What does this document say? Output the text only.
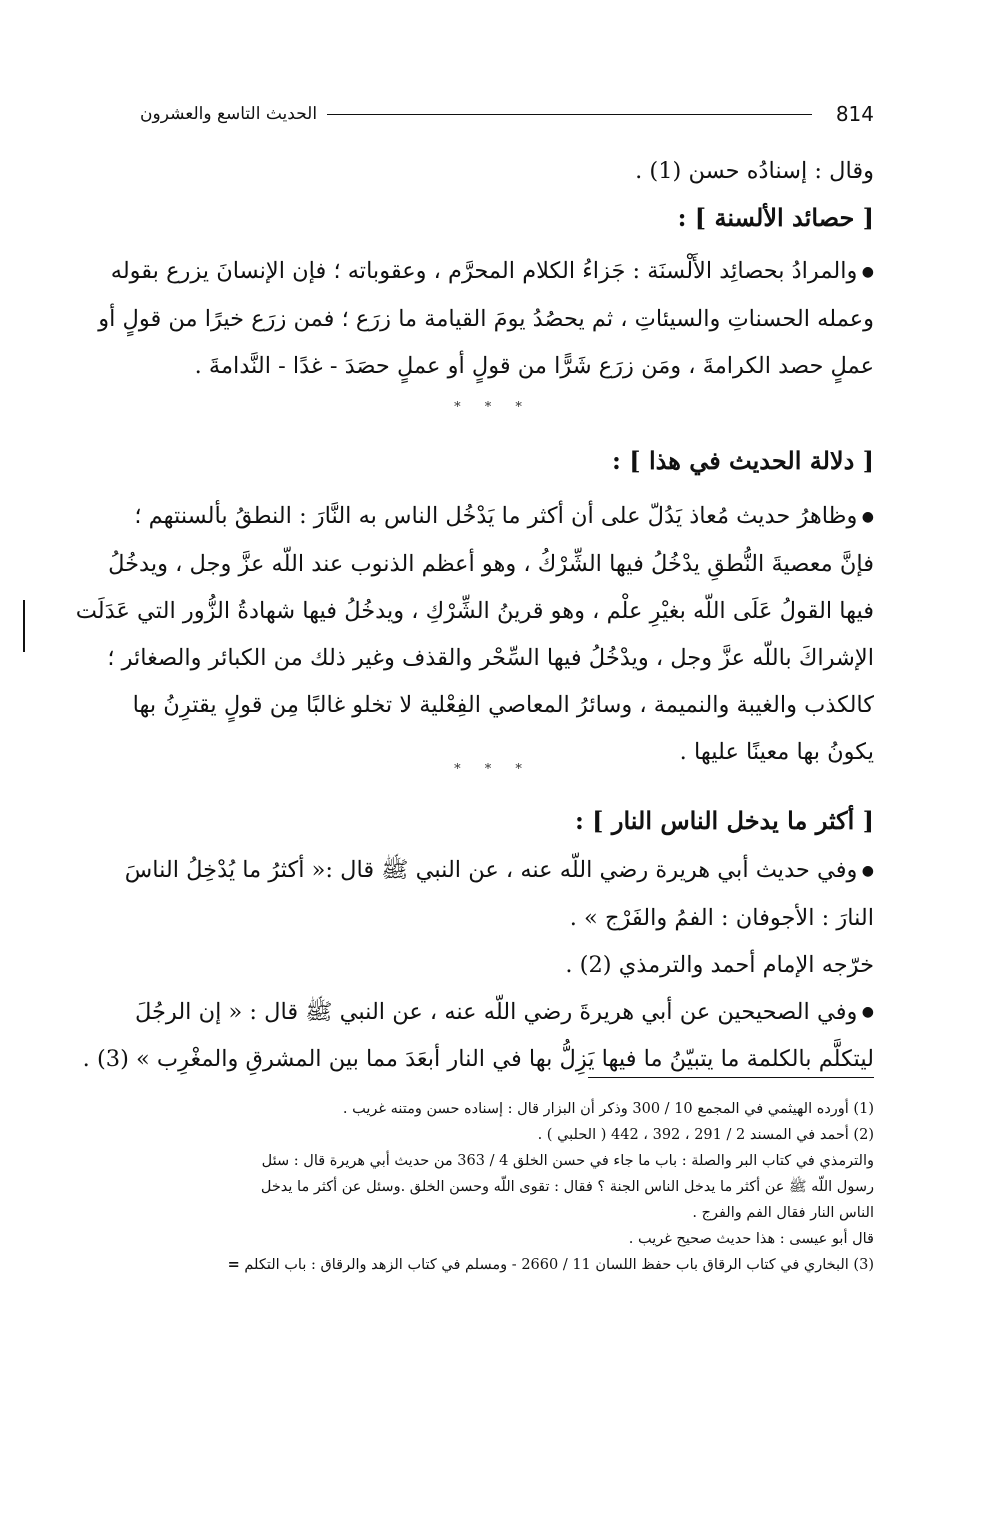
814
الحديث التاسع والعشرون
وقال : إسنادُه حسن (1) .
[ حصائد الألسنة ] :
● والمرادُ بحصائِد الأَلْسنَة : جَزاءُ الكلام المحرَّم ، وعقوباته ؛ فإن الإنسانَ يزرع بقوله
وعمله الحسناتِ والسيئاتِ ، ثم يحصُدُ يومَ القيامة ما زرَع ؛ فمن زرَع خيرًا من قولٍ أو
عملٍ حصد الكرامةَ ، ومَن زرَع شَرًّا من قولٍ أو عملٍ حصَدَ - غدًا - النَّدامةَ .
* * *
[ دلالة الحديث في هذا ] :
● وظاهرُ حديث مُعاذ يَدُلّ على أن أكثر ما يَدْخُل الناس به النَّارَ : النطقُ بألسنتهم ؛
فإنَّ معصيةَ النُّطقِ يدْخُلُ فيها الشِّرْكُ ، وهو أعظم الذنوب عند اللّه عزَّ وجل ، ويدخُلُ
فيها القولُ عَلَى اللّه بغيْرِ علْم ، وهو قرينُ الشِّرْكِ ، ويدخُلُ فيها شهادةُ الزُّور التي عَدَلَت
الإشراكَ باللّه عزَّ وجل ، ويدْخُلُ فيها السِّحْر والقذف وغير ذلك من الكبائر والصغائر ؛
كالكذب والغيبة والنميمة ، وسائرُ المعاصي الفِعْلية لا تخلو غالبًا مِن قولٍ يقترِنُ بها
يكونُ بها معينًا عليها .
* * *
[ أكثر ما يدخل الناس النار ] :
● وفي حديث أبي هريرة رضي اللّه عنه ، عن النبي ﷺ قال :« أكثرُ ما يُدْخِلُ الناسَ
النارَ : الأجوفان : الفمُ والفَرْج » .
خرّجه الإمام أحمد والترمذي (2) .
● وفي الصحيحين عن أبي هريرةَ رضي اللّه عنه ، عن النبي ﷺ قال : « إن الرجُلَ
ليتكلَّم بالكلمة ما يتبيّنُ ما فيها يَزِلُّ بها في النار أبعَدَ مما بين المشرقِ والمغْرِب » (3) .
(1) أورده الهيثمي في المجمع 10 / 300 وذكر أن البزار قال : إسناده حسن ومتنه غريب .
(2) أحمد في المسند 2 / 291 ، 392 ، 442 ( الحلبي ) .
والترمذي في كتاب البر والصلة : باب ما جاء في حسن الخلق 4 / 363 من حديث أبي هريرة قال : سئل
رسول اللّه ﷺ عن أكثر ما يدخل الناس الجنة ؟ فقال : تقوى اللّه وحسن الخلق .وسئل عن أكثر ما يدخل
الناس النار فقال الفم والفرج .
قال أبو عيسى : هذا حديث صحيح غريب .
(3) البخاري في كتاب الرقاق باب حفظ اللسان 11 / 2660 - ومسلم في كتاب الزهد والرقاق : باب التكلم =
